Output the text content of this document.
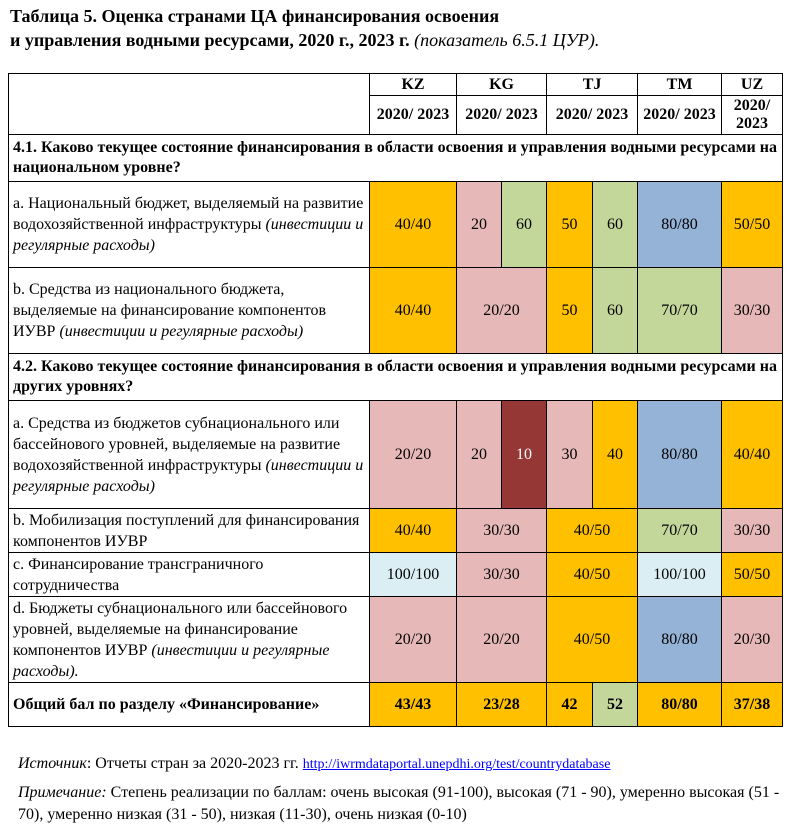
Таблица 5. Оценка странами ЦА финансирования освоения
и управления водными ресурсами, 2020 г., 2023 г. (показатель 6.5.1 ЦУР).
	KZ	KG		TJ		TM	UZ
	2020/ 2023	2020/ 2023		2020/ 2023		2020/ 2023	2020/ 2023
4.1. Каково текущее состояние финансирования в области освоения и управления водными ресурсами на национальном уровне?							
a. Национальный бюджет, выделяемый на развитие водохозяйственной инфраструктуры (инвестиции и регулярные расходы)	40/40	20	60	50	60	80/80	50/50
b. Средства из национального бюджета, выделяемые на финансирование компонентов ИУВР (инвестиции и регулярные расходы)	40/40	20/20		50	60	70/70	30/30
4.2. Каково текущее состояние финансирования в области освоения и управления водными ресурсами на других уровнях?							
a. Средства из бюджетов субнационального или бассейнового уровней, выделяемые на развитие водохозяйственной инфраструктуры (инвестиции и регулярные расходы)	20/20	20	10	30	40	80/80	40/40
b. Мобилизация поступлений для финансирования компонентов ИУВР	40/40	30/30		40/50		70/70	30/30
c. Финансирование трансграничного сотрудничества	100/100	30/30		40/50		100/100	50/50
d. Бюджеты субнационального или бассейнового уровней, выделяемые на финансирование компонентов ИУВР (инвестиции и регулярные расходы).	20/20	20/20		40/50		80/80	20/30
Общий бал по разделу «Финансирование»	43/43	23/28		42	52	80/80	37/38
Источник: Отчеты стран за 2020-2023 гг. http://iwrmdataportal.unepdhi.org/test/countrydatabase
Примечание: Степень реализации по баллам: очень высокая (91-100), высокая (71 - 90), умеренно высокая (51 - 70), умеренно низкая (31 - 50), низкая (11-30), очень низкая (0-10)
